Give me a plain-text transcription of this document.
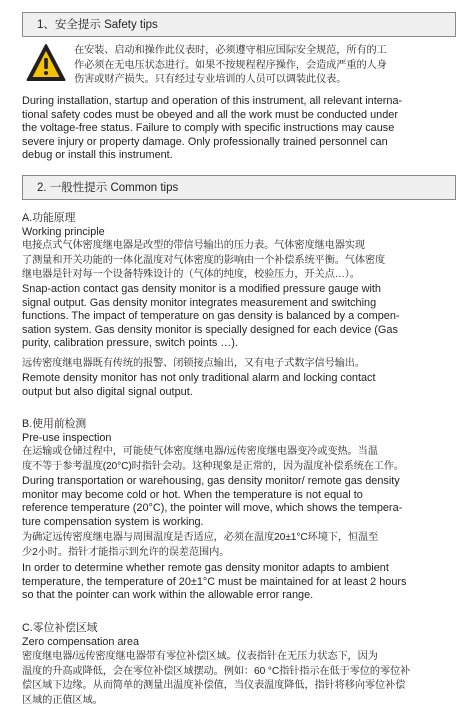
1、安全提示 Safety tips
在安装、启动和操作此仪表时，必须遵守相应国际安全规范，所有的工
作必须在无电压状态进行。如果不按规程程序操作，会造成严重的人身
伤害或财产损失。只有经过专业培训的人员可以调装此仪表。
During installation, startup and operation of this instrument, all relevant interna-
tional safety codes must be obeyed and all the work must be conducted under
the voltage-free status. Failure to comply with specific instructions may cause
severe injury or property damage. Only professionally trained personnel can
debug or install this instrument.
2. 一般性提示 Common tips
A.功能原理
Working principle
电接点式气体密度继电器是改型的带信号输出的压力表。气体密度继电器实现
了测量和开关功能的一体化温度对气体密度的影响由一个补偿系统平衡。气体密度
继电器是针对每一个设备特殊设计的（气体的纯度，校验压力，开关点…）。
Snap-action contact gas density monitor is a modified pressure gauge with
signal output. Gas density monitor integrates measurement and switching
functions. The impact of temperature on gas density is balanced by a compen-
sation system. Gas density monitor is specially designed for each device (Gas
purity, calibration pressure, switch points …).
远传密度继电器既有传统的报警、闭锁接点输出，又有电子式数字信号输出。
Remote density monitor has not only traditional alarm and locking contact
output but also digital signal output.
B.使用前检测
Pre-use inspection
在运输或仓储过程中，可能使气体密度继电器/远传密度继电器变冷或变热。当温
度不等于参考温度(20°C)时指针会动。这种现象是正常的，因为温度补偿系统在工作。
During transportation or warehousing, gas density monitor/ remote gas density
monitor may become cold or hot. When the temperature is not equal to
reference temperature (20°C), the pointer will move, which shows the tempera-
ture compensation system is working.
为确定远传密度继电器与周围温度是否适应，必须在温度20±1°C环境下，恒温至
少2小时。指针才能指示到允许的误差范围内。
In order to determine whether remote gas density monitor adapts to ambient
temperature, the temperature of 20±1°C must be maintained for at least 2 hours
so that the pointer can work within the allowable error range.
C.零位补偿区域
Zero compensation area
密度继电器/远传密度继电器带有零位补偿区域。仪表指针在无压力状态下，因为
温度的升高或降低，会在零位补偿区域摆动。例如：60 °C指针指示在低于零位的零位补
偿区域下边缘。从而简单的测量出温度补偿值，当仪表温度降低，指针将移向零位补偿
区域的正值区域。
